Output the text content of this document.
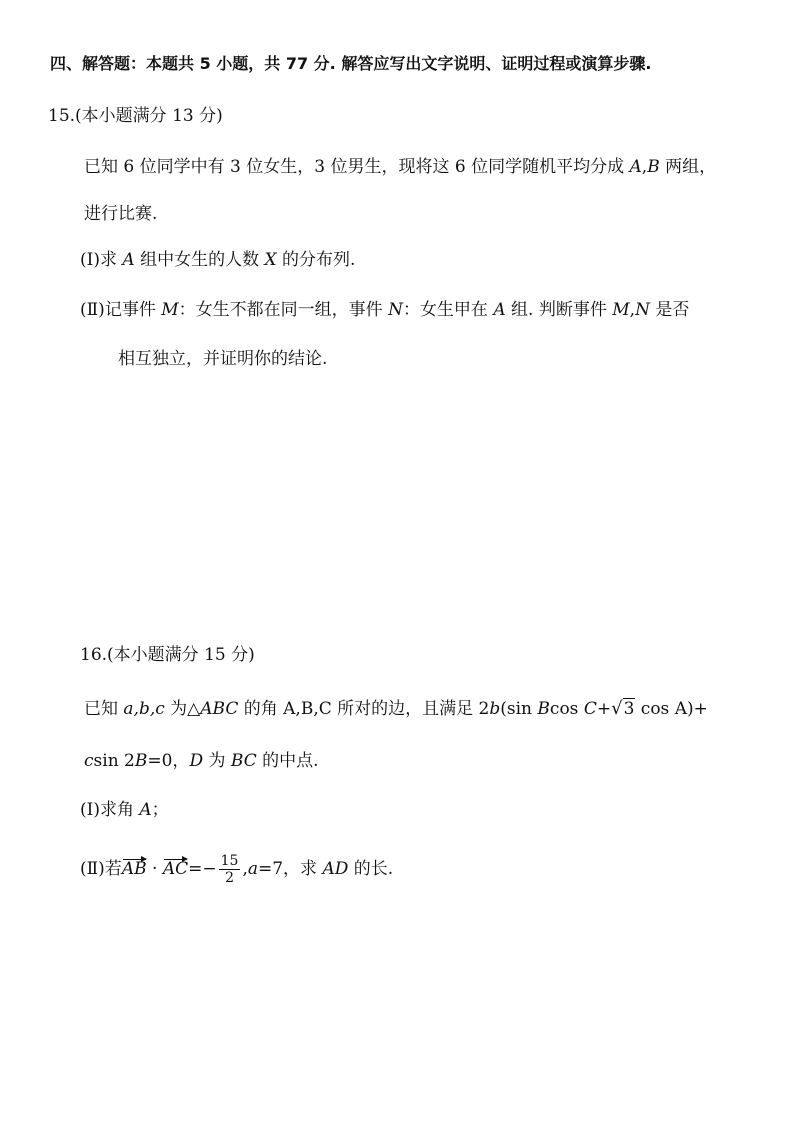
四、解答题：本题共 5 小题，共 77 分. 解答应写出文字说明、证明过程或演算步骤.
15.(本小题满分 13 分)
已知 6 位同学中有 3 位女生，3 位男生，现将这 6 位同学随机平均分成 A,B 两组，
进行比赛.
(Ⅰ)求 A 组中女生的人数 X 的分布列.
(Ⅱ)记事件 M：女生不都在同一组，事件 N：女生甲在 A 组. 判断事件 M,N 是否
相互独立，并证明你的结论.
16.(本小题满分 15 分)
已知 a,b,c 为△ABC 的角 A,B,C 所对的边，且满足 2b(sin Bcos C+√3 cos A)+
csin 2B=0，D 为 BC 的中点.
(Ⅰ)求角 A；
(Ⅱ)若AB · $AC=- \frac{15}{2} ,a=7$，求 AD 的长.
